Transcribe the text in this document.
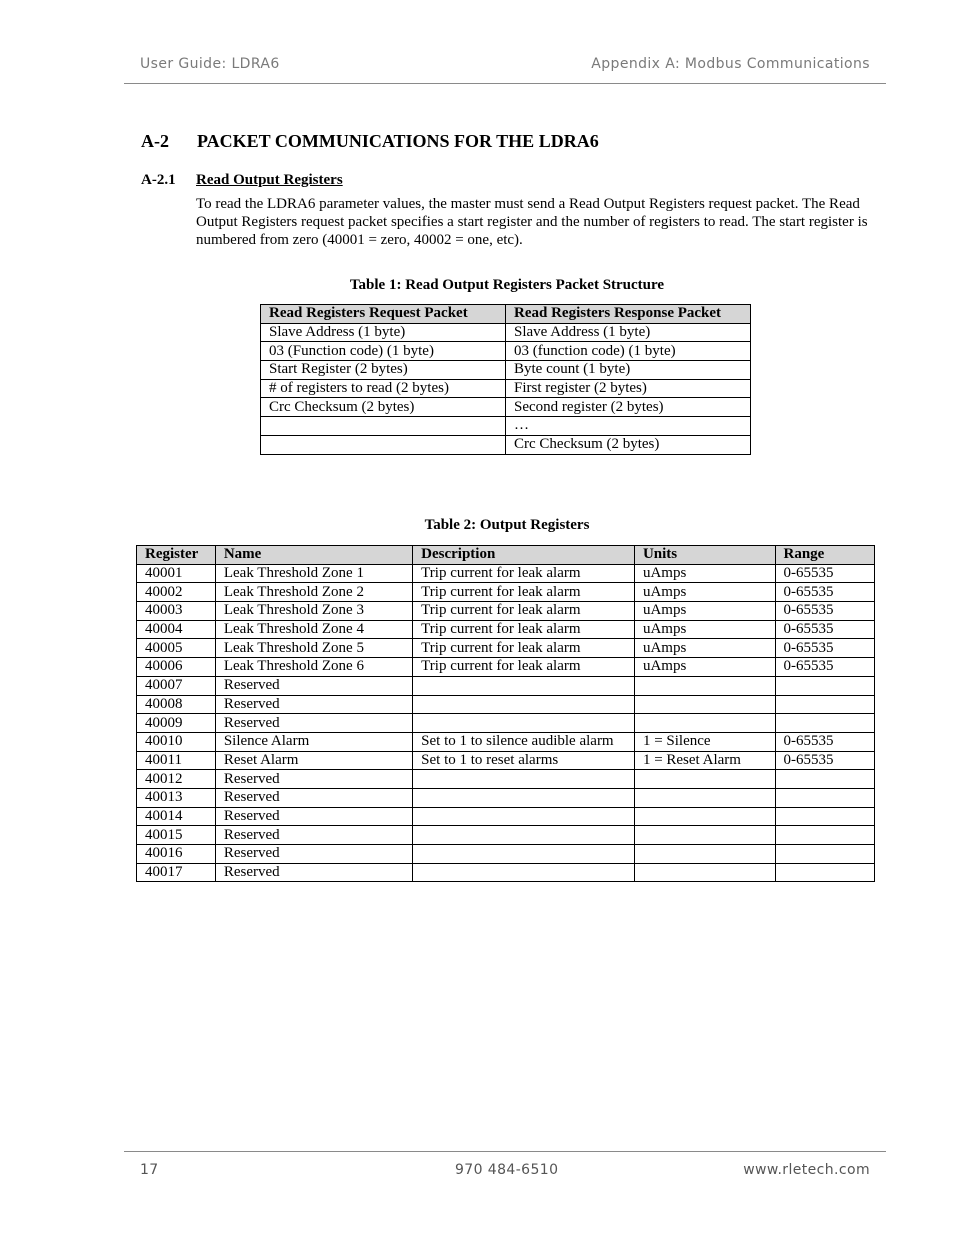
User Guide: LDRA6	Appendix A: Modbus Communications
A-2 PACKET COMMUNICATIONS FOR THE LDRA6
A-2.1 Read Output Registers
To read the LDRA6 parameter values, the master must send a Read Output Registers request packet. The Read Output Registers request packet specifies a start register and the number of registers to read. The start register is numbered from zero (40001 = zero, 40002 = one, etc).
Table 1: Read Output Registers Packet Structure
Read Registers Request Packet	Read Registers Response Packet
Slave Address (1 byte)	Slave Address (1 byte)
03 (Function code) (1 byte)	03 (function code) (1 byte)
Start Register (2 bytes)	Byte count (1 byte)
# of registers to read (2 bytes)	First register (2 bytes)
Crc Checksum (2 bytes)	Second register (2 bytes)
	…
	Crc Checksum (2 bytes)
Table 2: Output Registers
Register	Name	Description	Units	Range
40001	Leak Threshold Zone 1	Trip current for leak alarm	uAmps	0-65535
40002	Leak Threshold Zone 2	Trip current for leak alarm	uAmps	0-65535
40003	Leak Threshold Zone 3	Trip current for leak alarm	uAmps	0-65535
40004	Leak Threshold Zone 4	Trip current for leak alarm	uAmps	0-65535
40005	Leak Threshold Zone 5	Trip current for leak alarm	uAmps	0-65535
40006	Leak Threshold Zone 6	Trip current for leak alarm	uAmps	0-65535
40007	Reserved			
40008	Reserved			
40009	Reserved			
40010	Silence Alarm	Set to 1 to silence audible alarm	1 = Silence	0-65535
40011	Reset Alarm	Set to 1 to reset alarms	1 = Reset Alarm	0-65535
40012	Reserved			
40013	Reserved			
40014	Reserved			
40015	Reserved			
40016	Reserved			
40017	Reserved			
17	970 484-6510	www.rletech.com
